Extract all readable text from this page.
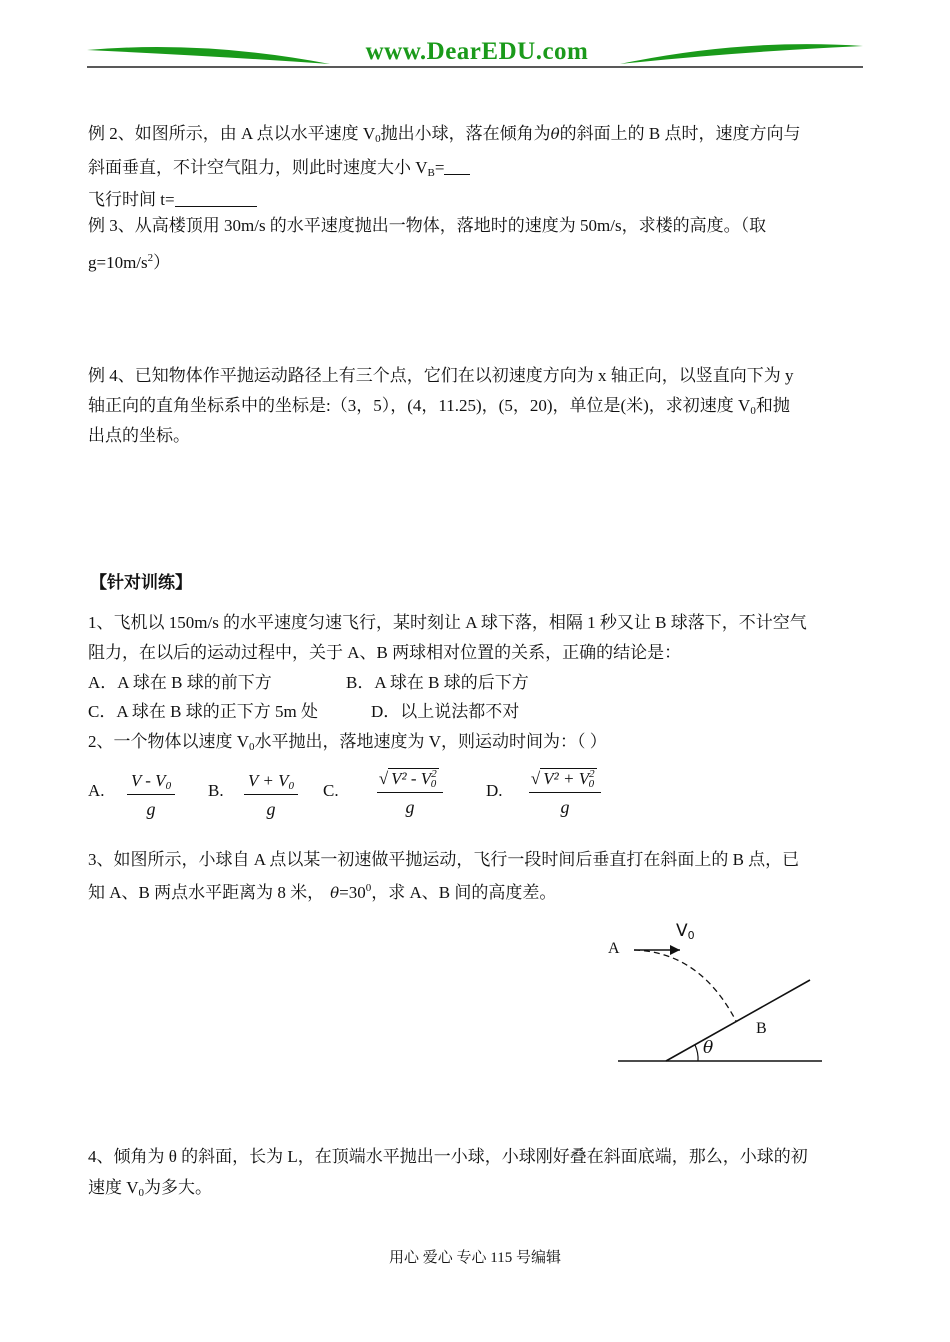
www.DearEDU.com
例 2、如图所示，由 A 点以水平速度 $V_0$抛出小球，落在倾角为θ的斜面上的 B 点时，速度方向与
斜面垂直，不计空气阻力，则此时速度大小 $V_B=$
飞行时间 t=
例 3、从高楼顶用 30m/s 的水平速度抛出一物体，落地时的速度为 50m/s，求楼的高度。（取
$g=10m/s^2$）
例 4、已知物体作平抛运动路径上有三个点，它们在以初速度方向为 x 轴正向，以竖直向下为 y
轴正向的直角坐标系中的坐标是:（3，5），(4，11.25)，(5，20)，单位是(米)，求初速度 $V_0$和抛
出点的坐标。
【针对训练】
1、飞机以 150m/s 的水平速度匀速飞行，某时刻让 A 球下落，相隔 1 秒又让 B 球落下，不计空气
阻力，在以后的运动过程中，关于 A、B 两球相对位置的关系，正确的结论是：
A．A 球在 B 球的前下方	B．A 球在 B 球的后下方
C．A 球在 B 球的正下方 5m 处	D．以上说法都不对
2、一个物体以速度 $V_0$水平抛出，落地速度为 V，则运动时间为：（ ）
A. $\frac{V - V_0}{g} B$. $\frac{V + V_0}{g} C$. $\frac{√ V^2 - V^2_0}{g} D$. $\frac{√ V^2 + V^2_0}{g}$
3、如图所示，小球自 A 点以某一初速做平抛运动，飞行一段时间后垂直打在斜面上的 B 点，已
知 A、B 两点水平距离为 8 米， $\theta=30^0$，求 A、B 间的高度差。
A
$V_0$
B
θ
4、倾角为 θ 的斜面，长为 L，在顶端水平抛出一小球，小球刚好叠在斜面底端，那么，小球的初
速度 $V_0$为多大。
用心 爱心 专心 115 号编辑
